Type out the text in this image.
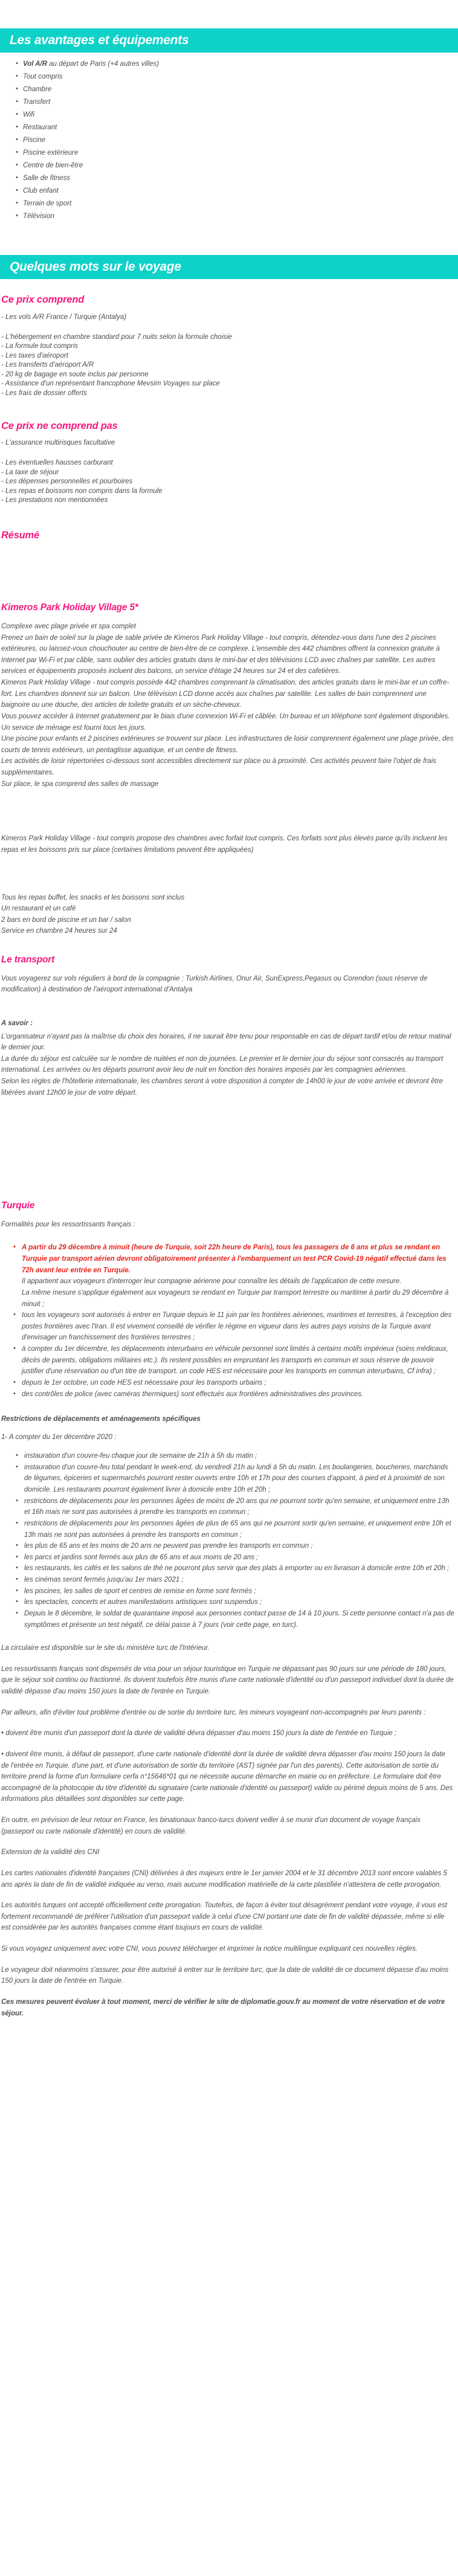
Les avantages et équipements
• Vol A/R au départ de Paris (+4 autres villes)
• Tout compris
• Chambre
• Transfert
• Wifi
• Restaurant
• Piscine
• Piscine extérieure
• Centre de bien-être
• Salle de fitness
• Club enfant
• Terrain de sport
• Télévision
Quelques mots sur le voyage
Ce prix comprend

- Les vols A/R France / Turquie (Antalya)

- L'hébergement en chambre standard pour 7 nuits selon la formule choisie

- La formule tout compris

- Les taxes d'aéroport

- Les transferts d'aéroport A/R

- 20 kg de bagage en soute inclus par personne

- Assistance d'un représentant francophone Mevsim Voyages sur place

- Les frais de dossier offerts

Ce prix ne comprend pas

- L'assurance multirisques facultative

- Les éventuelles hausses carburant

- La taxe de séjour

- Les dépenses personnelles et pourboires

- Les repas et boissons non compris dans la formule

- Les prestations non mentionnées

Résumé
Kimeros Park Holiday Village 5*

Complexe avec plage privée et spa complet

Prenez un bain de soleil sur la plage de sable privée de Kimeros Park Holiday Village - tout compris, détendez-vous dans l'une des 2 piscines extérieures, ou laissez-vous chouchouter au centre de bien-être de ce complexe. L'ensemble des 442 chambres offrent la connexion gratuite à Internet par Wi-Fi et par câble, sans oublier des articles gratuits dans le mini-bar et des télévisions LCD avec chaînes par satellite. Les autres services et équipements proposés incluent des balcons, un service d'étage 24 heures sur 24 et des cafetières.

Kimeros Park Holiday Village - tout compris possède 442 chambres comprenant la climatisation, des articles gratuits dans le mini-bar et un coffre-fort. Les chambres donnent sur un balcon. Une télévision LCD donne accès aux chaînes par satellite. Les salles de bain comprennent une baignoire ou une douche, des articles de toilette gratuits et un sèche-cheveux.

Vous pouvez accéder à Internet gratuitement par le biais d'une connexion Wi-Fi et câblée. Un bureau et un téléphone sont également disponibles. Un service de ménage est fourni tous les jours.

Une piscine pour enfants et 2 piscines extérieures se trouvent sur place. Les infrastructures de loisir comprennent également une plage privée, des courts de tennis extérieurs, un pentaglisse aquatique, et un centre de fitness.

Les activités de loisir répertoriées ci-dessous sont accessibles directement sur place ou à proximité. Ces activités peuvent faire l'objet de frais supplémentaires.

Sur place, le spa comprend des salles de massage

Kimeros Park Holiday Village - tout compris propose des chambres avec forfait tout compris. Ces forfaits sont plus élevés parce qu'ils incluent les repas et les boissons pris sur place (certaines limitations peuvent être appliquées)

Tous les repas buffet, les snacks et les boissons sont inclus

Un restaurant et un café

2 bars en bord de piscine et un bar / salon

Service en chambre 24 heures sur 24

Le transport

Vous voyagerez sur vols réguliers à bord de la compagnie : Turkish Airlines, Onur Air, SunExpress,Pegasus ou Corendon (sous réserve de modification) à destination de l'aéroport international d'Antalya

A savoir :

L'organisateur n'ayant pas la maîtrise du choix des horaires, il ne saurait être tenu pour responsable en cas de départ tardif et/ou de retour matinal le dernier jour.

La durée du séjour est calculée sur le nombre de nuitées et non de journées. Le premier et le dernier jour du séjour sont consacrés au transport international. Les arrivées ou les départs pourront avoir lieu de nuit en fonction des horaires imposés par les compagnies aériennes.

Selon les règles de l'hôtellerie internationale, les chambres seront à votre disposition à compter de 14h00 le jour de votre arrivée et devront être libérées avant 12h00 le jour de votre départ.

Turquie

Formalités pour les ressortissants français :

• A partir du 29 décembre à minuit (heure de Turquie, soit 22h heure de Paris), tous les passagers de 6 ans et plus se rendant en Turquie par transport aérien devront obligatoirement présenter à l'embarquement un test PCR Covid-19 négatif effectué dans les 72h avant leur entrée en Turquie.
Il appartient aux voyageurs d'interroger leur compagnie aérienne pour connaître les détails de l'application de cette mesure.
La même mesure s'applique également aux voyageurs se rendant en Turquie par transport terrestre ou maritime à partir du 29 décembre à minuit ;
• tous les voyageurs sont autorisés à entrer en Turquie depuis le 11 juin par les frontières aériennes, maritimes et terrestres, à l'exception des postes frontières avec l'Iran. Il est vivement conseillé de vérifier le régime en vigueur dans les autres pays voisins de la Turquie avant d'envisager un franchissement des frontières terrestres ;
• à compter du 1er décembre, les déplacements interurbains en véhicule personnel sont limités à certains motifs impérieux (soins médicaux, décès de parents, obligations militaires etc.). Ils restent possibles en empruntant les transports en commun et sous réserve de pouvoir justifier d'une réservation ou d'un titre de transport. un code HES est nécessaire pour les transports en commun interurbains, Cf infra) ;
• depuis le 1er octobre, un code HES est nécessaire pour les transports urbains ;
• des contrôles de police (avec caméras thermiques) sont effectués aux frontières administratives des provinces.

Restrictions de déplacements et aménagements spécifiques

1- A compter du 1er décembre 2020 :

• instauration d'un couvre-feu chaque jour de semaine de 21h à 5h du matin ;
• instauration d'un couvre-feu total pendant le week-end, du vendredi 21h au lundi à 5h du matin. Les boulangeries, boucheries, marchands de légumes, épiceries et supermarchés pourront rester ouverts entre 10h et 17h pour des courses d'appoint, à pied et à proximité de son domicile. Les restaurants pourront également livrer à domicile entre 10h et 20h ;
• restrictions de déplacements pour les personnes âgées de moins de 20 ans qui ne pourront sortir qu'en semaine, et uniquement entre 13h et 16h mais ne sont pas autorisées à prendre les transports en commun ;
• restrictions de déplacements pour les personnes âgées de plus de 65 ans qui ne pourront sortir qu'en semaine, et uniquement entre 10h et 13h mais ne sont pas autorisées à prendre les transports en commun ;
• les plus de 65 ans et les moins de 20 ans ne peuvent pas prendre les transports en commun ;
• les parcs et jardins sont fermés aux plus de 65 ans et aux moins de 20 ans ;
• les restaurants, les cafés et les salons de thé ne pourront plus servir que des plats à emporter ou en livraison à domicile entre 10h et 20h ;
• les cinémas seront fermés jusqu'au 1er mars 2021 ;
• les piscines, les salles de sport et centres de remise en forme sont fermés ;
• les spectacles, concerts et autres manifestations artistiques sont suspendus ;
• Depuis le 8 décembre, le soldat de quarantaine imposé aux personnes contact passe de 14 à 10 jours. Si cette personne contact n'a pas de symptômes et présente un test négatif, ce délai passe à 7 jours (voir cette page, en turc).

La circulaire est disponible sur le site du ministère turc de l'Intérieur.

Les ressortissants français sont dispensés de visa pour un séjour touristique en Turquie ne dépassant pas 90 jours sur une période de 180 jours, que le séjour soit continu ou fractionné. Ils doivent toutefois être munis d'une carte nationale d'identité ou d'un passeport individuel dont la durée de validité dépasse d'au moins 150 jours la date de l'entrée en Turquie.

Par ailleurs, afin d'éviter tout problème d'entrée ou de sortie du territoire turc, les mineurs voyageant non-accompagnés par leurs parents :

• doivent être munis d'un passeport dont la durée de validité dévra dépasser d'au moins 150 jours la date de l'entrée en Turquie ;

• doivent être munis, à défaut de passeport, d'une carte nationale d'identité dont la durée de validité devra dépasser d'au moins 150 jours la date de l'entrée en Turquie. d'une part, et d'une autorisation de sortie du territoire (AST) signée par l'un des parents). Cette autorisation de sortie du territoire prend la forme d'un formulaire cerfa n°15646*01 qui ne nécessite aucune démarche en mairie ou en préfecture. Le formulaire doit être accompagné de la photocopie du titre d'identité du signataire (carte nationale d'identité ou passeport) valide ou périmé depuis moins de 5 ans. Des informations plus détaillées sont disponibles sur cette page.

En outre, en prévision de leur retour en France, les binationaux franco-turcs doivent veiller à se munir d'un document de voyage français (passeport ou carte nationale d'identité) en cours de validité.

Extension de la validité des CNI

Les cartes nationales d'identité françaises (CNI) délivrées à des majeurs entre le 1er janvier 2004 et le 31 décembre 2013 sont encore valables 5 ans après la date de fin de validité indiquée au verso, mais aucune modification matérielle de la carte plastifiée n'attestera de cette prorogation.

Les autorités turques ont accepté officiellement cette prorogation. Toutefois, de façon à éviter tout désagrément pendant votre voyage, il vous est fortement recommandé de préférer l'utilisation d'un passeport valide à celui d'une CNI portant une date de fin de validité dépassée, même si elle est considérée par les autorités françaises comme étant toujours en cours de validité.

Si vous voyagez uniquement avec votre CNI, vous pouvez télécharger et imprimer la notice multilingue expliquant ces nouvelles règles.

Le voyageur doit néanmoins s'assurer, pour être autorisé à entrer sur le territoire turc, que la date de validité de ce document dépasse d'au moins 150 jours la date de l'entrée en Turquie.

Ces mesures peuvent évoluer à tout moment, merci de vérifier le site de diplomatie.gouv.fr au moment de votre réservation et de votre séjour.
